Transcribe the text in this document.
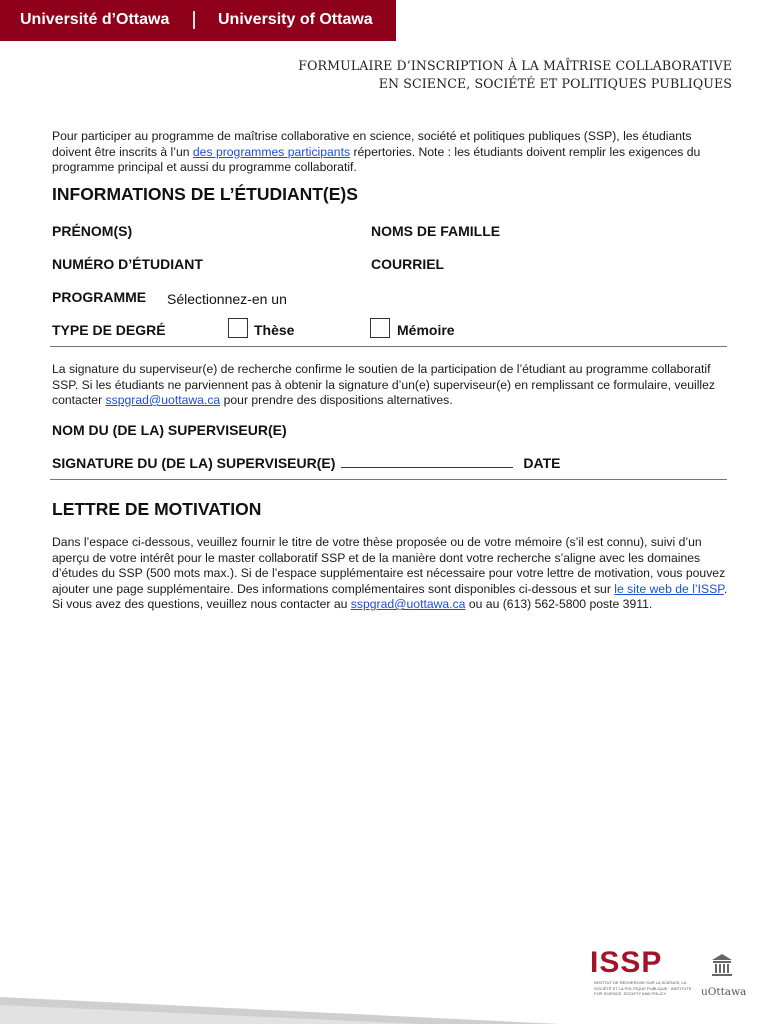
Université d’Ottawa	University of Ottawa
FORMULAIRE D’INSCRIPTION À LA MAÎTRISE COLLABORATIVE
EN SCIENCE, SOCIÉTÉ ET POLITIQUES PUBLIQUES
Pour participer au programme de maîtrise collaborative en science, société et politiques publiques (SSP), les étudiants doivent être inscrits à l’un des programmes participants répertories. Note : les étudiants doivent remplir les exigences du programme principal et aussi du programme collaboratif.
INFORMATIONS DE L’ÉTUDIANT(E)S
PRÉNOM(S)	NOMS DE FAMILLE
NUMÉRO D’ÉTUDIANT	COURRIEL
PROGRAMME Sélectionnez-en un
TYPE DE DEGRÉ	Thèse	Mémoire
La signature du superviseur(e) de recherche confirme le soutien de la participation de l’étudiant au programme collaboratif SSP. Si les étudiants ne parviennent pas à obtenir la signature d’un(e) superviseur(e) en remplissant ce formulaire, veuillez contacter sspgrad@uottawa.ca pour prendre des dispositions alternatives.
NOM DU (DE LA) SUPERVISEUR(E)
SIGNATURE DU (DE LA) SUPERVISEUR(E)	DATE
LETTRE DE MOTIVATION
Dans l’espace ci-dessous, veuillez fournir le titre de votre thèse proposée ou de votre mémoire (s’il est connu), suivi d’un aperçu de votre intérêt pour le master collaboratif SSP et de la manière dont votre recherche s’aligne avec les domaines d’études du SSP (500 mots max.). Si de l’espace supplémentaire est nécessaire pour votre lettre de motivation, vous pouvez ajouter une page supplémentaire. Des informations complémentaires sont disponibles ci-dessous et sur le site web de l’ISSP. Si vous avez des questions, veuillez nous contacter au sspgrad@uottawa.ca ou au (613) 562-5800 poste 3911.
ISSP
INSTITUT DE RECHERCHE SUR LA SCIENCE, LA SOCIÉTÉ ET LA POLITIQUE PUBLIQUE · INSTITUTE FOR SCIENCE, SOCIETY AND POLICY	uOttawa
